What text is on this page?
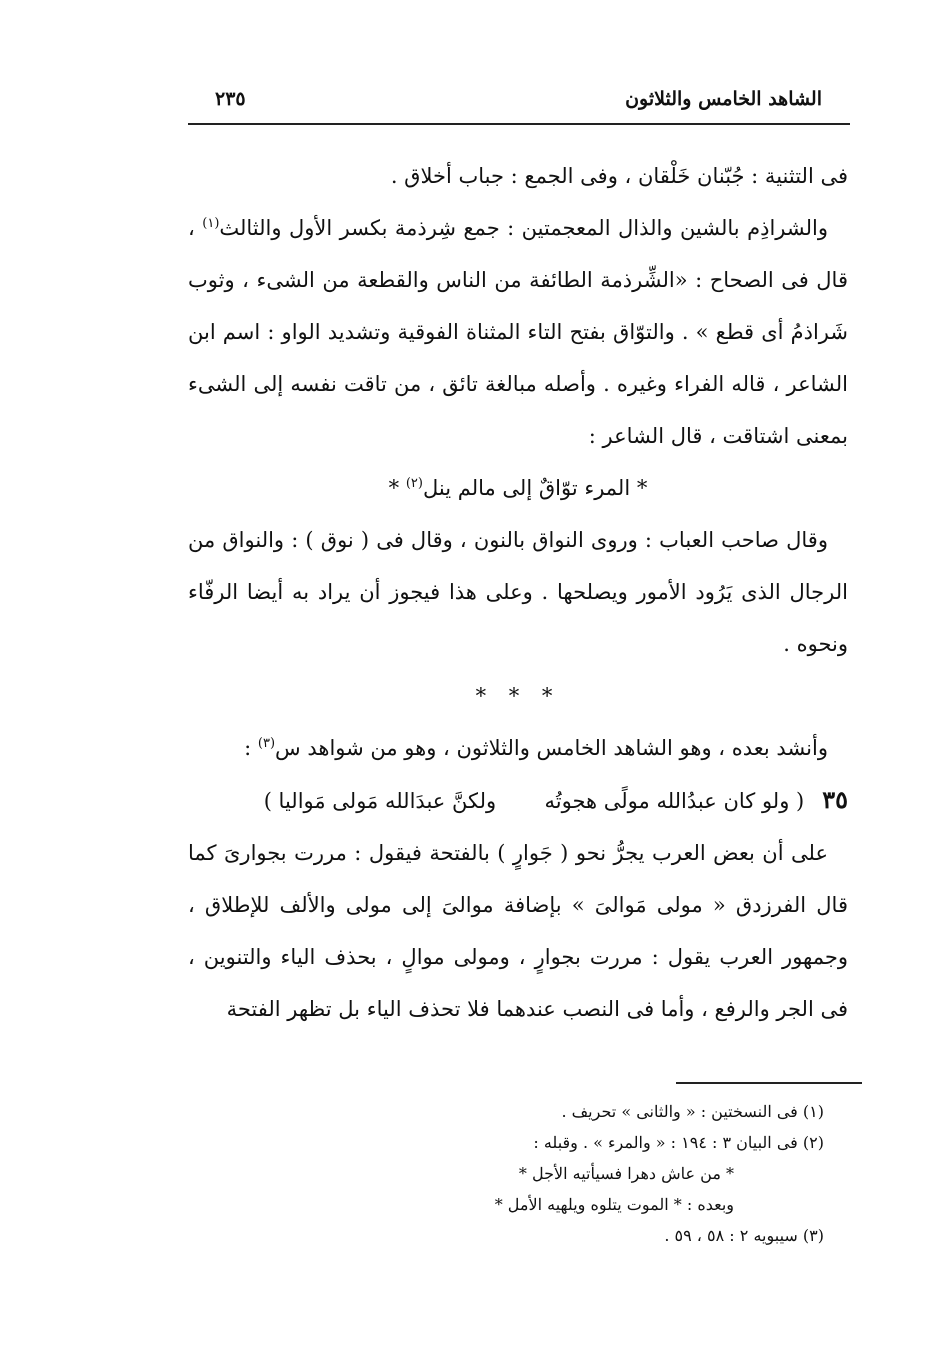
الشاهد الخامس والثلاثون
٢٣٥

فى التثنية : جُبّنان خَلْقان ، وفى الجمع : جباب أخلاق .

والشراذِم بالشين والذال المعجمتين : جمع شِرذمة بكسر الأول والثالث$^{(١)}$ ، قال فى الصحاح : «الشِّرذمة الطائفة من الناس والقطعة من الشىء ، وثوب شَراذمُ أى قطع » . والتوّاق بفتح التاء المثناة الفوقية وتشديد الواو : اسم ابن الشاعر ، قاله الفراء وغيره . وأصله مبالغة تائق ، من تاقت نفسه إلى الشىء بمعنى اشتاقت ، قال الشاعر :

* المرء توّاقٌ إلى مالم ينل$^{(٢)}$ *

وقال صاحب العباب : وروى النواق بالنون ، وقال فى ( نوق ) : والنواق من الرجال الذى يَرُود الأمور ويصلحها . وعلى هذا فيجوز أن يراد به أيضا الرفّاء ونحوه .

* * *

وأنشد بعده ، وهو الشاهد الخامس والثلاثون ، وهو من شواهد س$^{(٣)}$ :

٣٥
( ولو كان عبدُالله مولًى هجوتُه
ولكنَّ عبدَالله مَولى مَواليا )

على أن بعض العرب يجرُّ نحو ( جَوارٍ ) بالفتحة فيقول : مررت بجوارىَ كما قال الفرزدق « مولى مَوالىَ » بإضافة موالىَ إلى مولى والألف للإطلاق ، وجمهور العرب يقول : مررت بجوارٍ ، ومولى موالٍ ، بحذف الياء والتنوين ، فى الجر والرفع ، وأما فى النصب عندهما فلا تحذف الياء بل تظهر الفتحة

(١) فى النسختين : « والثانى » تحريف .

(٢) فى البيان ٣ : ١٩٤ : « والمرء » . وقبله :

* من عاش دهرا فسيأتيه الأجل *

وبعده : * الموت يتلوه ويلهيه الأمل *

(٣) سيبويه ٢ : ٥٨ ، ٥٩ .
